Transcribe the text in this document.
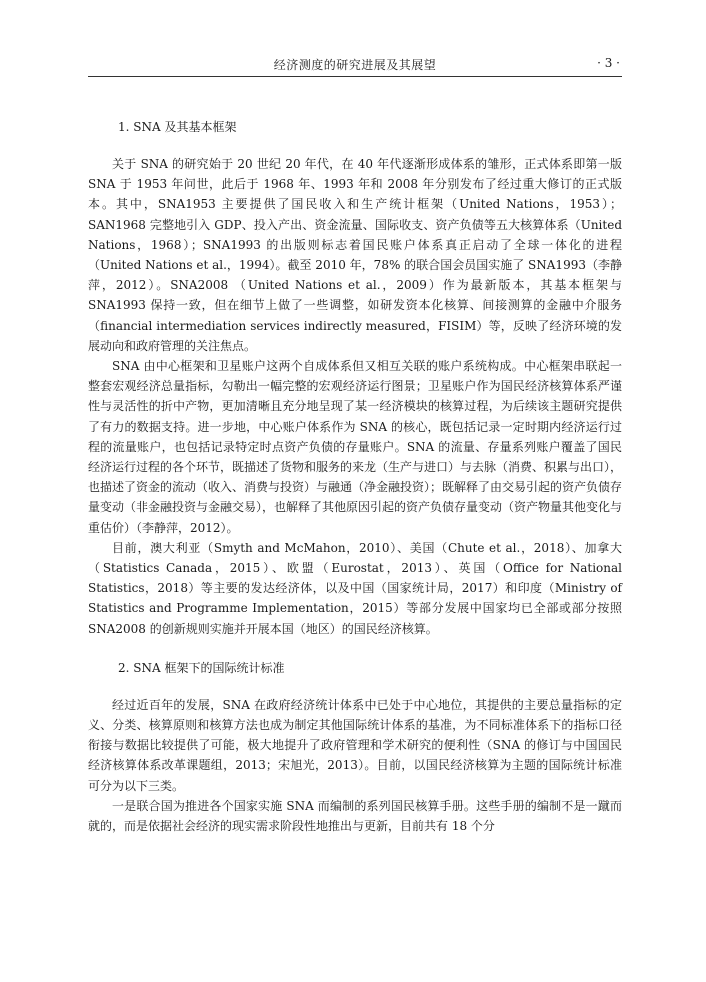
经济测度的研究进展及其展望	· 3 ·
1. SNA 及其基本框架

关于 SNA 的研究始于 20 世纪 20 年代，在 40 年代逐渐形成体系的雏形，正式体系即第一版 SNA 于 1953 年问世，此后于 1968 年、1993 年和 2008 年分别发布了经过重大修订的正式版本。其中，SNA1953 主要提供了国民收入和生产统计框架（United Nations，1953）；SAN1968 完整地引入 GDP、投入产出、资金流量、国际收支、资产负债等五大核算体系（United Nations，1968）；SNA1993 的出版则标志着国民账户体系真正启动了全球一体化的进程（United Nations et al.，1994）。截至 2010 年，78% 的联合国会员国实施了 SNA1993（李静萍，2012）。SNA2008 （United Nations et al.，2009）作为最新版本，其基本框架与 SNA1993 保持一致，但在细节上做了一些调整，如研发资本化核算、间接测算的金融中介服务（financial intermediation services indirectly measured，FISIM）等，反映了经济环境的发展动向和政府管理的关注焦点。

SNA 由中心框架和卫星账户这两个自成体系但又相互关联的账户系统构成。中心框架串联起一整套宏观经济总量指标，勾勒出一幅完整的宏观经济运行图景；卫星账户作为国民经济核算体系严谨性与灵活性的折中产物，更加清晰且充分地呈现了某一经济模块的核算过程，为后续该主题研究提供了有力的数据支持。进一步地，中心账户体系作为 SNA 的核心，既包括记录一定时期内经济运行过程的流量账户，也包括记录特定时点资产负债的存量账户。SNA 的流量、存量系列账户覆盖了国民经济运行过程的各个环节，既描述了货物和服务的来龙（生产与进口）与去脉（消费、积累与出口），也描述了资金的流动（收入、消费与投资）与融通（净金融投资）；既解释了由交易引起的资产负债存量变动（非金融投资与金融交易），也解释了其他原因引起的资产负债存量变动（资产物量其他变化与重估价）（李静萍，2012）。

目前，澳大利亚（Smyth and McMahon，2010）、美国（Chute et al.，2018）、加拿大（Statistics Canada，2015）、欧盟（Eurostat，2013）、英国（Office for National Statistics，2018）等主要的发达经济体，以及中国（国家统计局，2017）和印度（Ministry of Statistics and Programme Implementation，2015）等部分发展中国家均已全部或部分按照 SNA2008 的创新规则实施并开展本国（地区）的国民经济核算。

2. SNA 框架下的国际统计标准

经过近百年的发展，SNA 在政府经济统计体系中已处于中心地位，其提供的主要总量指标的定义、分类、核算原则和核算方法也成为制定其他国际统计体系的基准，为不同标准体系下的指标口径衔接与数据比较提供了可能，极大地提升了政府管理和学术研究的便利性（SNA 的修订与中国国民经济核算体系改革课题组，2013；宋旭光，2013）。目前，以国民经济核算为主题的国际统计标准可分为以下三类。

一是联合国为推进各个国家实施 SNA 而编制的系列国民核算手册。这些手册的编制不是一蹴而就的，而是依据社会经济的现实需求阶段性地推出与更新，目前共有 18 个分
